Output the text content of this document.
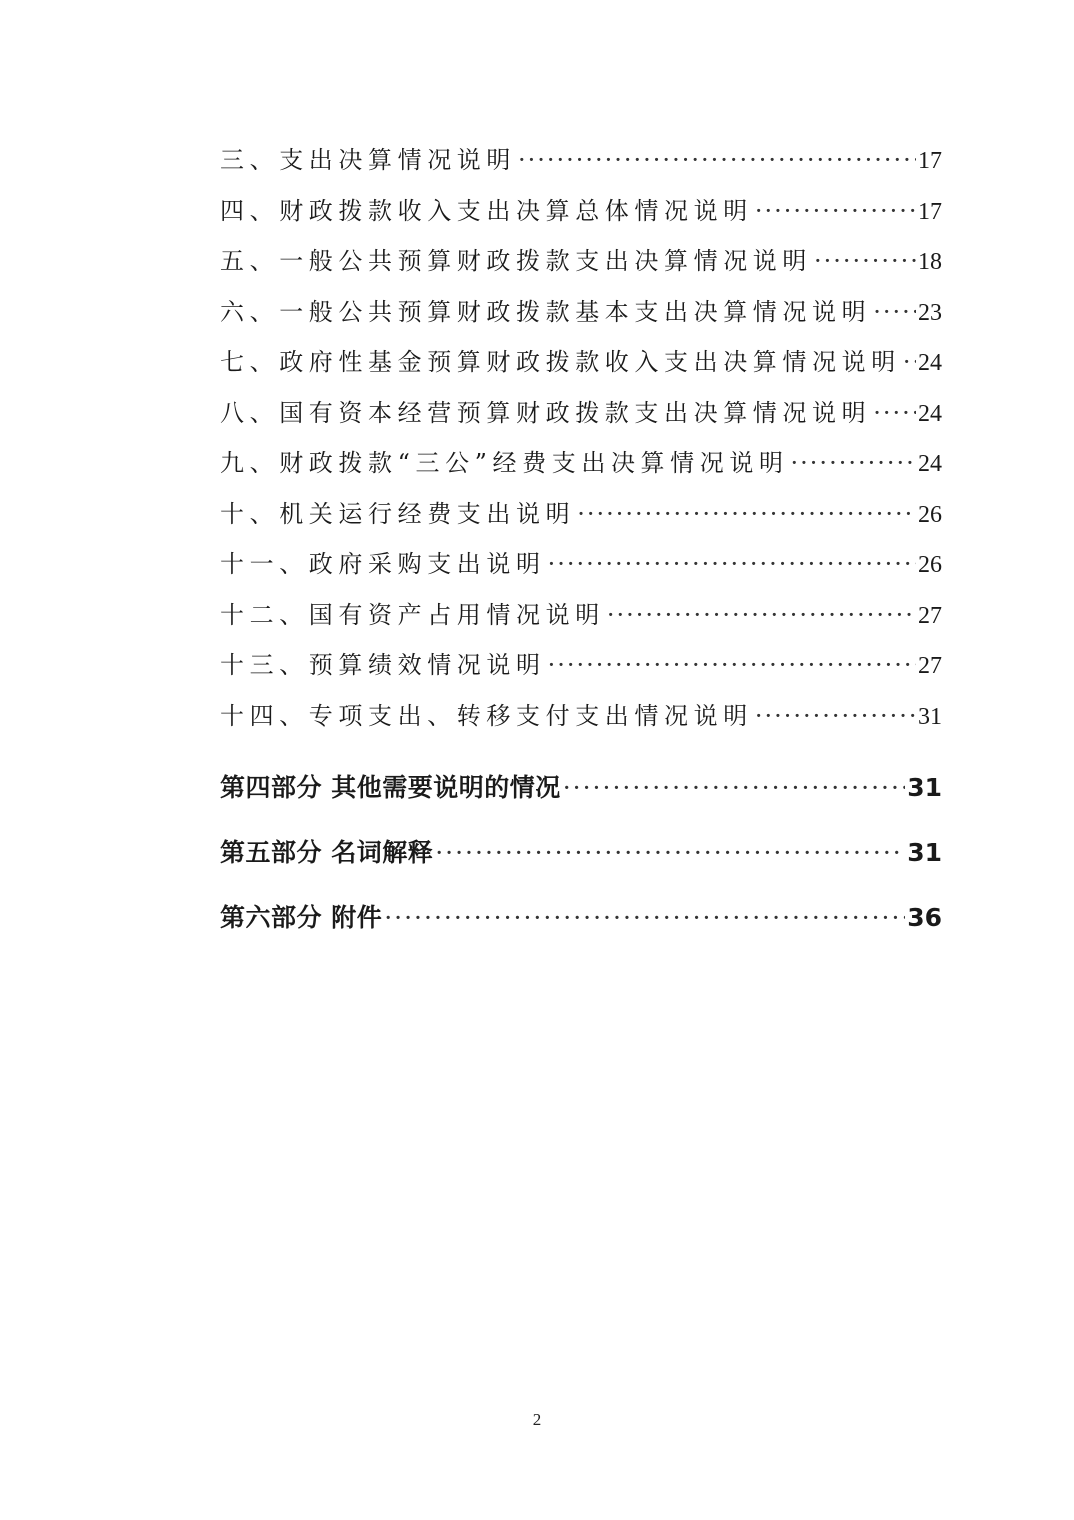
三、支出决算情况说明 ·····	17
四、财政拨款收入支出决算总体情况说明 ·····	17
五、一般公共预算财政拨款支出决算情况说明 ·····	18
六、一般公共预算财政拨款基本支出决算情况说明 ····· 23
七、政府性基金预算财政拨款收入支出决算情况说明 ····· 24
八、国有资本经营预算财政拨款支出决算情况说明 ····· 24
九、财政拨款“三公”经费支出决算情况说明 ·····	24
十、机关运行经费支出说明 ·····	26
十一、政府采购支出说明 ·····	26
十二、国有资产占用情况说明 ·····	27
十三、预算绩效情况说明 ·····	27
十四、专项支出、转移支付支出情况说明 ·····	31
第四部分 其他需要说明的情况 ·····	31
第五部分 名词解释 ·····	31
第六部分 附件 ·····	36
2
